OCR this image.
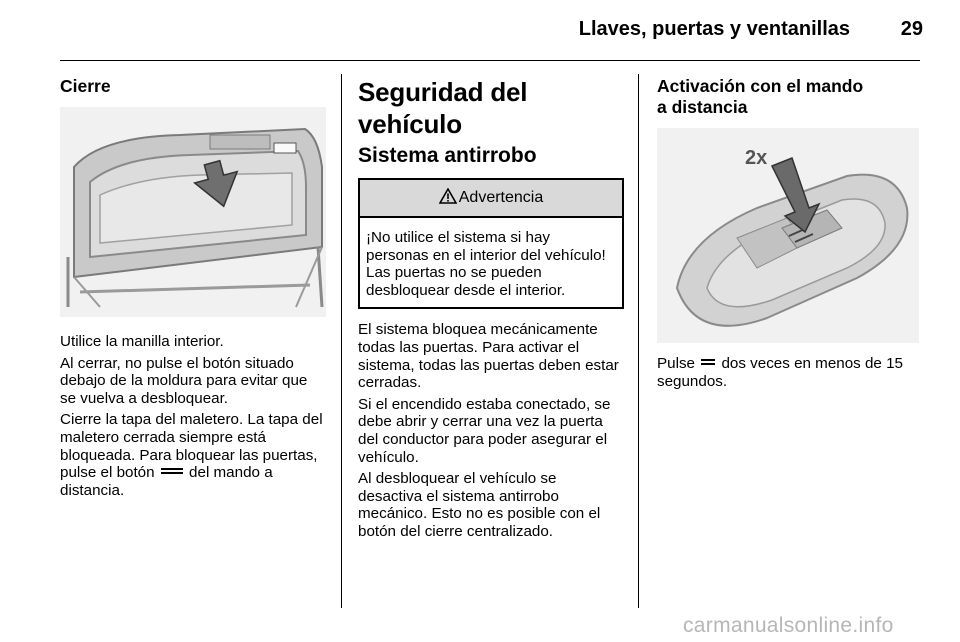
Llaves, puertas y ventanillas	29
Cierre

Utilice la manilla interior.

Al cerrar, no pulse el botón situado debajo de la moldura para evitar que se vuelva a desbloquear.

Cierre la tapa del maletero. La tapa del maletero cerrada siempre está bloqueada. Para bloquear las puertas, pulse el botón del mando a distancia.

Seguridad del vehículo
Sistema antirrobo
Advertencia

¡No utilice el sistema si hay personas en el interior del vehículo! Las puertas no se pueden desbloquear desde el interior.

El sistema bloquea mecánicamente todas las puertas. Para activar el sistema, todas las puertas deben estar cerradas.

Si el encendido estaba conectado, se debe abrir y cerrar una vez la puerta del conductor para poder asegurar el vehículo.

Al desbloquear el vehículo se desactiva el sistema antirrobo mecánico. Esto no es posible con el botón del cierre centralizado.

Activación con el mando
a distancia
2x

Pulse dos veces en menos de 15 segundos.

carmanualsonline.info
